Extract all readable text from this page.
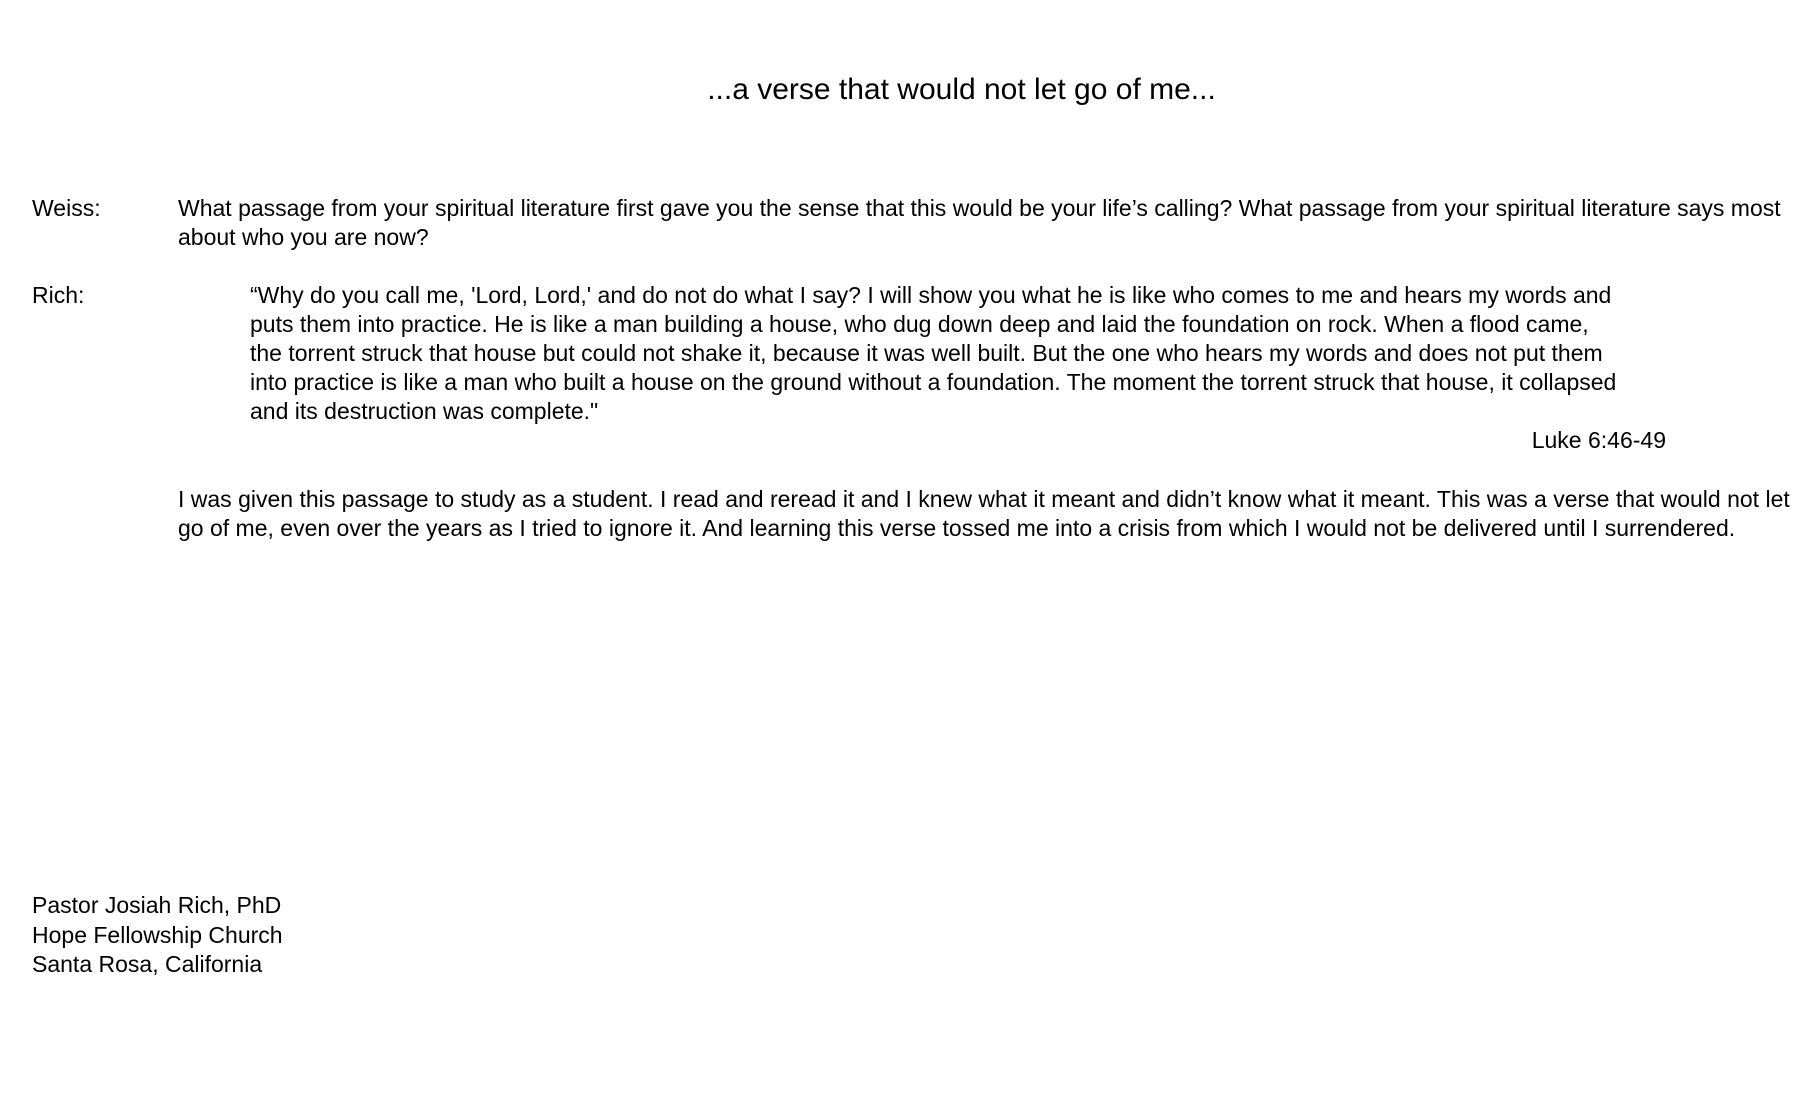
...a verse that would not let go of me...
Weiss:	What passage from your spiritual literature first gave you the sense that this would be your life’s calling? What passage from your spiritual literature says most about who you are now?
Rich:	“Why do you call me, 'Lord, Lord,' and do not do what I say? I will show you what he is like who comes to me and hears my words and puts them into practice. He is like a man building a house, who dug down deep and laid the foundation on rock. When a flood came, the torrent struck that house but could not shake it, because it was well built. But the one who hears my words and does not put them into practice is like a man who built a house on the ground without a foundation. The moment the torrent struck that house, it collapsed and its destruction was complete."
Luke 6:46-49
I was given this passage to study as a student. I read and reread it and I knew what it meant and didn’t know what it meant. This was a verse that would not let go of me, even over the years as I tried to ignore it. And learning this verse tossed me into a crisis from which I would not be delivered until I surrendered.
Pastor Josiah Rich, PhD
Hope Fellowship Church
Santa Rosa, California
